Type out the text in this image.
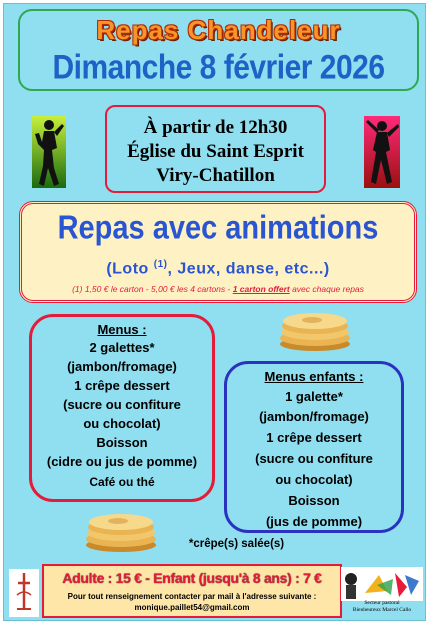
Repas Chandeleur
Dimanche 8 février 2026
À partir de 12h30
Église du Saint Esprit
Viry-Chatillon
Repas avec animations
(Loto $^{(1)}$, Jeux, danse, etc...)
(1) 1,50 € le carton - 5,00 € les 4 cartons - 1 carton offert avec chaque repas
Menus :
2 galettes*
(jambon/fromage)
1 crêpe dessert
(sucre ou confiture
ou chocolat)
Boisson
(cidre ou jus de pomme)
Café ou thé
Menus enfants :
1 galette*
(jambon/fromage)
1 crêpe dessert
(sucre ou confiture
ou chocolat)
Boisson
(jus de pomme)
*crêpe(s) salée(s)
Adulte : 15 € - Enfant (jusqu'à 8 ans) : 7 €
Pour tout renseignement contacter par mail à l'adresse suivante :
monique.paillet54@gmail.com	Secteur pastoral
Bienheureux Marcel Callo
